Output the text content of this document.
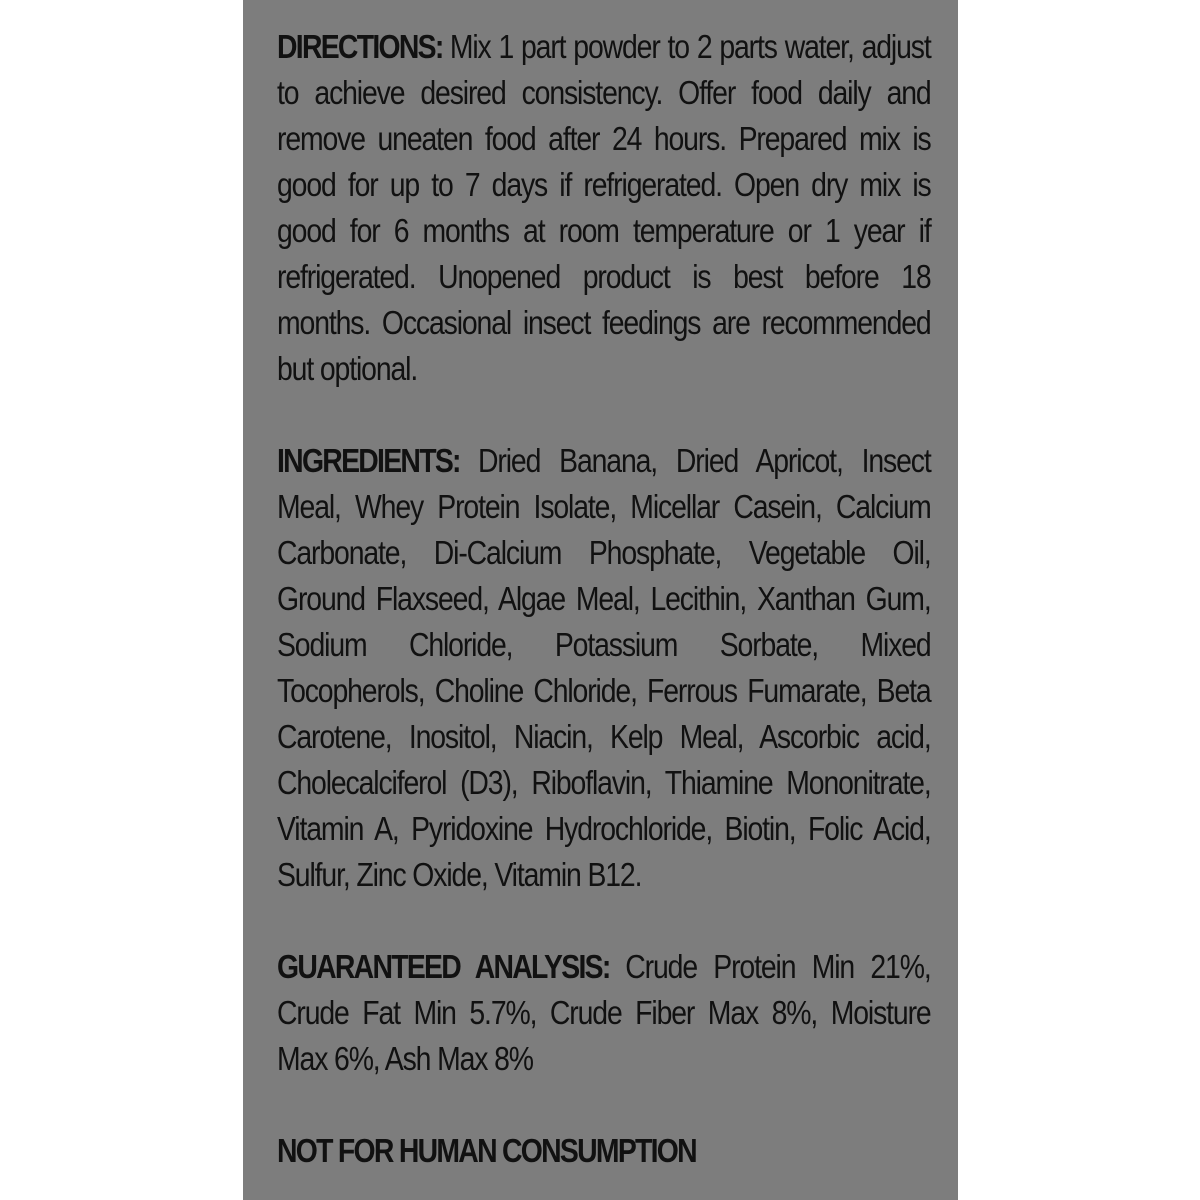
DIRECTIONS: Mix 1 part powder to 2 parts water, adjust to achieve desired consistency. Offer food daily and remove uneaten food after 24 hours. Prepared mix is good for up to 7 days if refrigerated. Open dry mix is good for 6 months at room temperature or 1 year if refrigerated. Unopened product is best before 18 months. Occasional insect feedings are recommended but optional.

INGREDIENTS: Dried Banana, Dried Apricot, Insect Meal, Whey Protein Isolate, Micellar Casein, Calcium Carbonate, Di-Calcium Phosphate, Vegetable Oil, Ground Flaxseed, Algae Meal, Lecithin, Xanthan Gum, Sodium Chloride, Potassium Sorbate, Mixed Tocopherols, Choline Chloride, Ferrous Fumarate, Beta Carotene, Inositol, Niacin, Kelp Meal, Ascorbic acid, Cholecalciferol (D3), Riboflavin, Thiamine Mononitrate, Vitamin A, Pyridoxine Hydrochloride, Biotin, Folic Acid, Sulfur, Zinc Oxide, Vitamin B12.

GUARANTEED ANALYSIS: Crude Protein Min 21%, Crude Fat Min 5.7%, Crude Fiber Max 8%, Moisture Max 6%, Ash Max 8%

NOT FOR HUMAN CONSUMPTION
